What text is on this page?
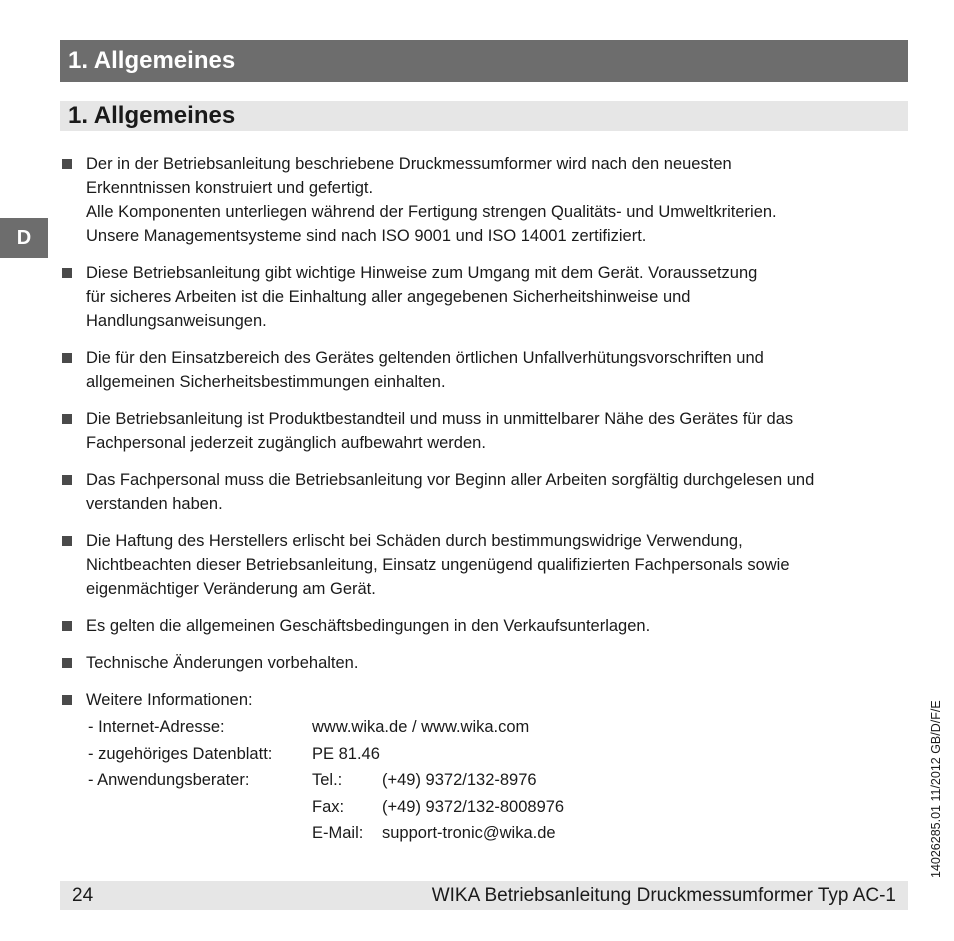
1. Allgemeines
1. Allgemeines
D

Der in der Betriebsanleitung beschriebene Druckmessumformer wird nach den neuesten

Erkenntnissen konstruiert und gefertigt.

Alle Komponenten unterliegen während der Fertigung strengen Qualitäts- und Umweltkriterien.

Unsere Managementsysteme sind nach ISO 9001 und ISO 14001 zertifiziert.

Diese Betriebsanleitung gibt wichtige Hinweise zum Umgang mit dem Gerät. Voraussetzung

für sicheres Arbeiten ist die Einhaltung aller angegebenen Sicherheitshinweise und

Handlungsanweisungen.

Die für den Einsatzbereich des Gerätes geltenden örtlichen Unfallverhütungsvorschriften und

allgemeinen Sicherheitsbestimmungen einhalten.

Die Betriebsanleitung ist Produktbestandteil und muss in unmittelbarer Nähe des Gerätes für das

Fachpersonal jederzeit zugänglich aufbewahrt werden.

Das Fachpersonal muss die Betriebsanleitung vor Beginn aller Arbeiten sorgfältig durchgelesen und

verstanden haben.

Die Haftung des Herstellers erlischt bei Schäden durch bestimmungswidrige Verwendung,

Nichtbeachten dieser Betriebsanleitung, Einsatz ungenügend qualifizierten Fachpersonals sowie

eigenmächtiger Veränderung am Gerät.

Es gelten die allgemeinen Geschäftsbedingungen in den Verkaufsunterlagen.

Technische Änderungen vorbehalten.

Weitere Informationen:

- Internet-Adresse:	www.wika.de / www.wika.com	
- zugehöriges Datenblatt:	PE 81.46	
- Anwendungsberater:	Tel.:	(+49) 9372/132-8976
	Fax:	(+49) 9372/132-8008976
	E-Mail:	support-tronic@wika.de
24	WIKA Betriebsanleitung Druckmessumformer Typ AC-1
14026285.01 11/2012 GB/D/F/E
